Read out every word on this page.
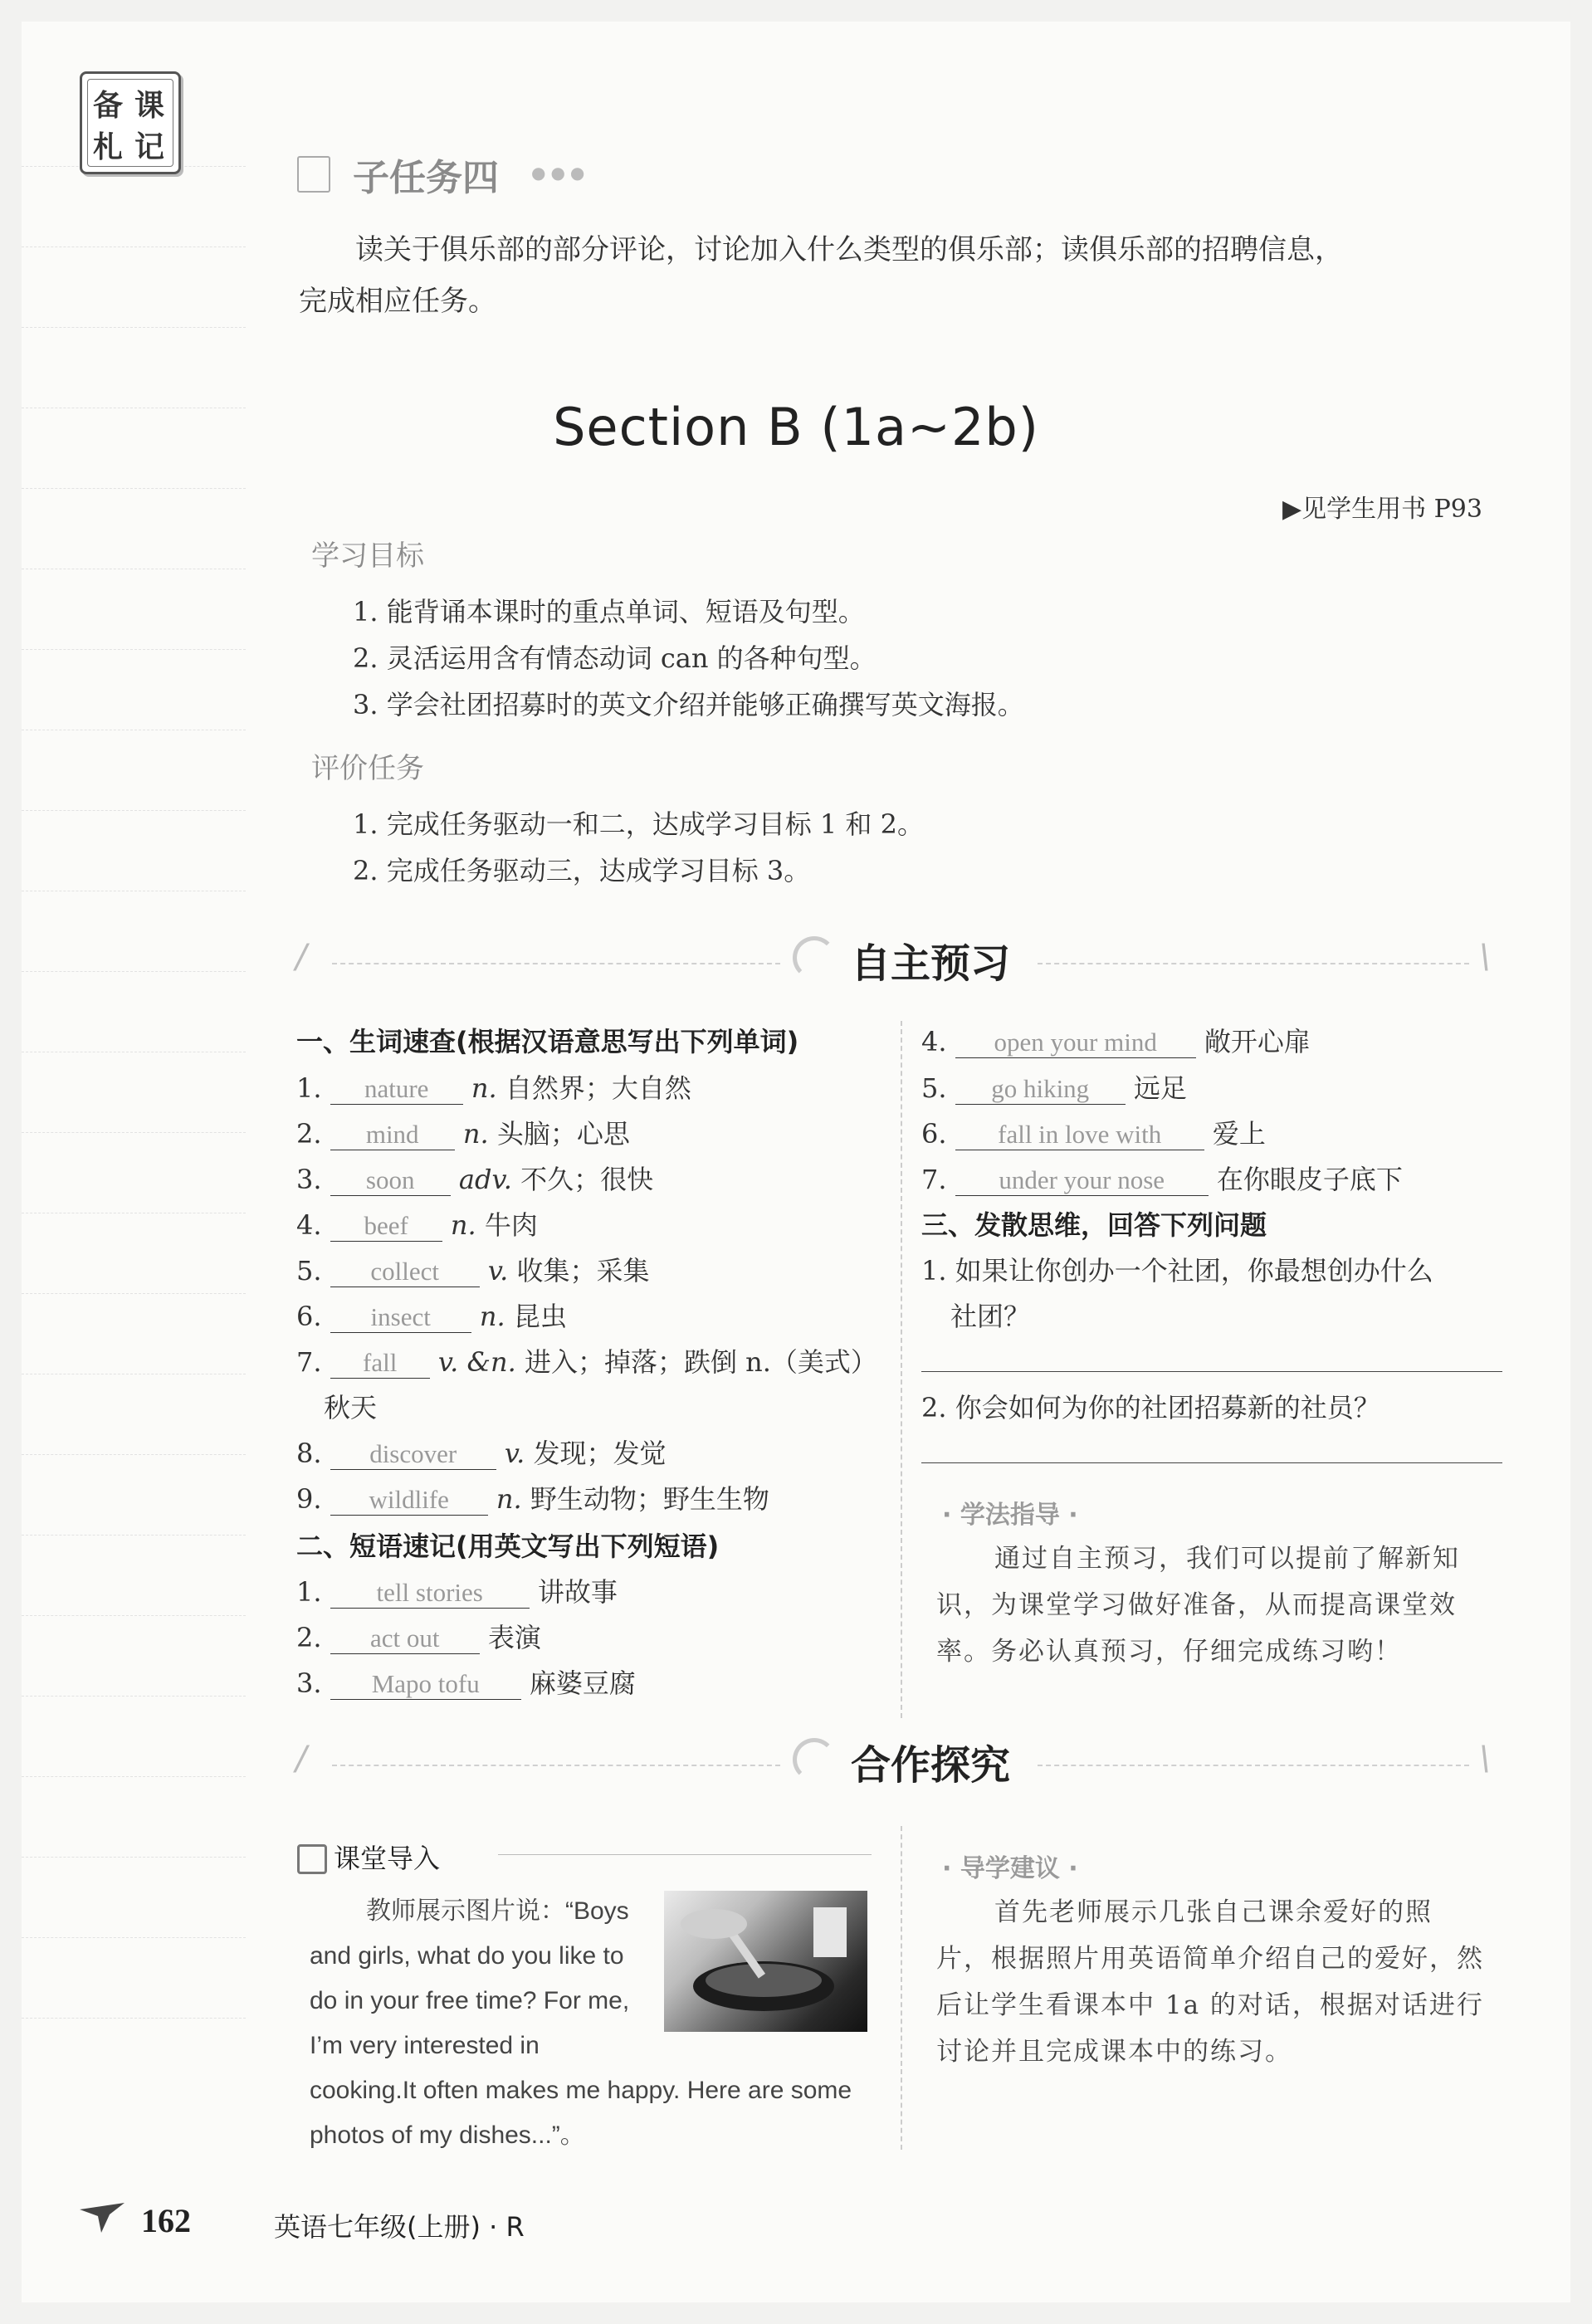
备 课
札 记
子任务四 ●●●
读关于俱乐部的部分评论，讨论加入什么类型的俱乐部；读俱乐部的招聘信息，
完成相应任务。
Section B (1a~2b)
▶见学生用书 P93
学习目标
1. 能背诵本课时的重点单词、短语及句型。
2. 灵活运用含有情态动词 can 的各种句型。
3. 学会社团招募时的英文介绍并能够正确撰写英文海报。
评价任务
1. 完成任务驱动一和二，达成学习目标 1 和 2。
2. 完成任务驱动三，达成学习目标 3。
/	自主预习	\
一、生词速查(根据汉语意思写出下列单词)
1. nature n. 自然界；大自然
2. mind n. 头脑；心思
3. soon adv. 不久；很快
4. beef n. 牛肉
5. collect v. 收集；采集
6. insect n. 昆虫
7. fall v. &n. 进入；掉落；跌倒 n.（美式）
秋天
8. discover v. 发现；发觉
9. wildlife n. 野生动物；野生生物
二、短语速记(用英文写出下列短语)
1. tell stories 讲故事
2. act out 表演
3. Mapo tofu 麻婆豆腐
4. open your mind 敞开心扉
5. go hiking 远足
6. fall in love with 爱上
7. under your nose 在你眼皮子底下
三、发散思维，回答下列问题
1. 如果让你创办一个社团，你最想创办什么
社团？
2. 你会如何为你的社团招募新的社员？
· 学法指导 ·
通过自主预习，我们可以提前了解新知
识，为课堂学习做好准备，从而提高课堂效
率。务必认真预习，仔细完成练习哟！
/	合作探究	\
课堂导入
教师展示图片说：“Boys
and girls, what do you like to
do in your free time? For me,
I’m very interested in
cooking.It often makes me happy. Here are some
photos of my dishes...”。
· 导学建议 ·
首先老师展示几张自己课余爱好的照
片，根据照片用英语简单介绍自己的爱好，然
后让学生看课本中 1a 的对话，根据对话进行
讨论并且完成课本中的练习。
162	英语七年级(上册) · R
